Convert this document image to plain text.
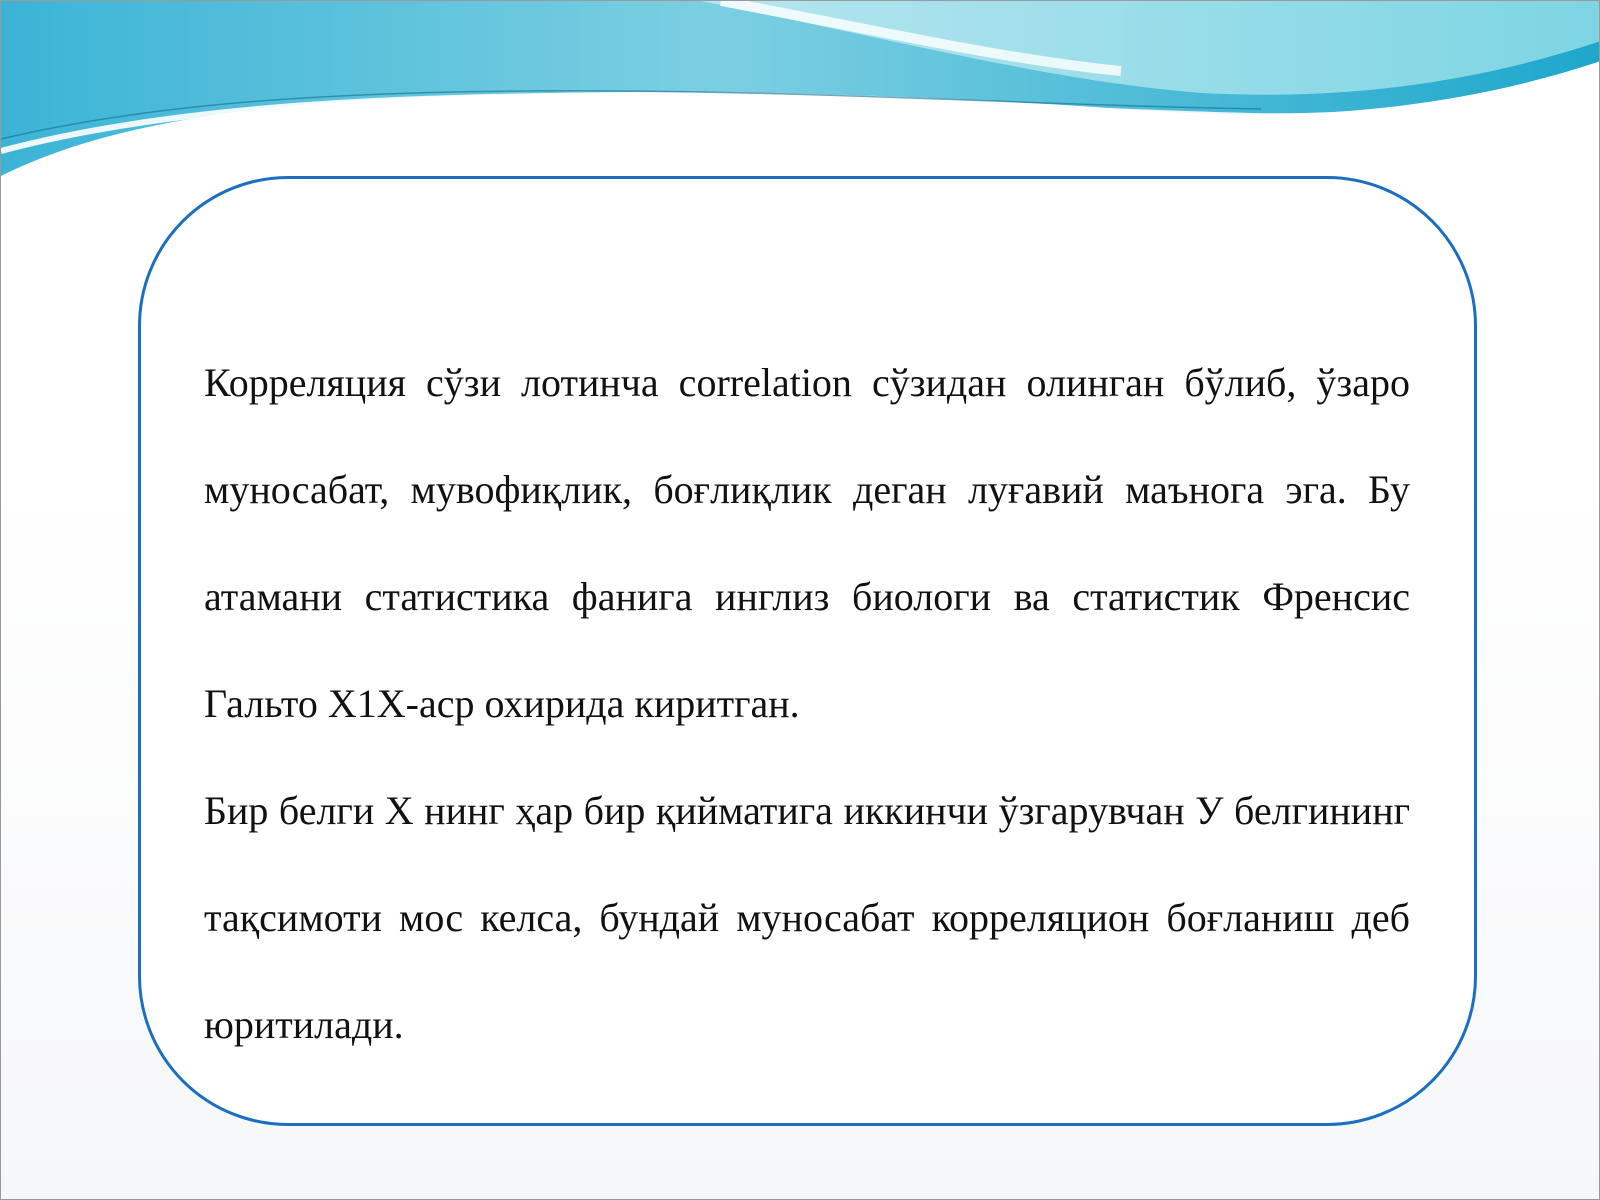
Корреляция сўзи лотинча correlation сўзидан олинган бўлиб, ўзаро муносабат, мувофиқлик, боғлиқлик деган луғавий маънога эга. Бу атамани статистика фанига инглиз биологи ва статистик Френсис Гальто Х1Х-аср охирида киритган.

Бир белги Х нинг ҳар бир қийматига иккинчи ўзгарувчан У белгининг тақсимоти мос келса, бундай муносабат корреляцион боғланиш деб юритилади.
